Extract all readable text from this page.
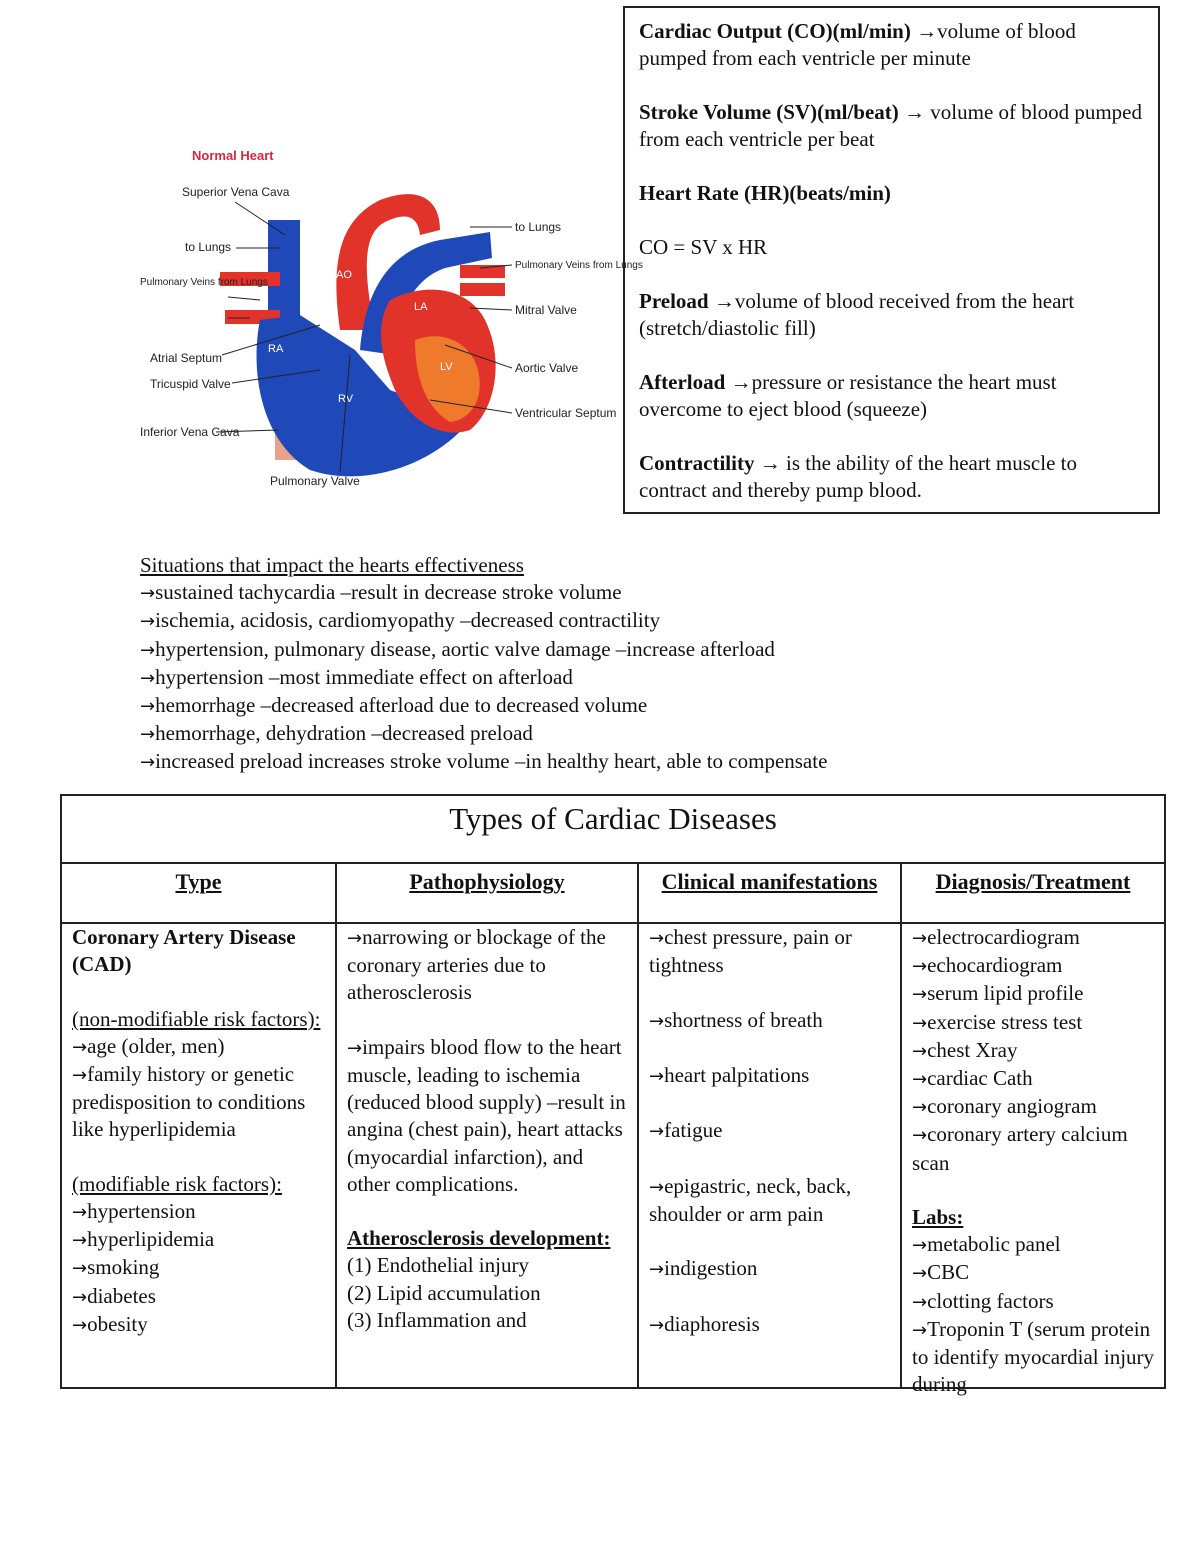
Normal Heart
AO
PA
LA
RA
LV
RV
Superior Vena Cava
to Lungs
Pulmonary Veins from Lungs
Atrial Septum
Tricuspid Valve
Inferior Vena Cava
Pulmonary Valve
to Lungs
Pulmonary Veins from Lungs
Mitral Valve
Aortic Valve
Ventricular Septum

Cardiac Output (CO)(ml/min) →volume of blood pumped from each ventricle per minute

Stroke Volume (SV)(ml/beat) → volume of blood pumped from each ventricle per beat

Heart Rate (HR)(beats/min)

CO = SV x HR

Preload →volume of blood received from the heart (stretch/diastolic fill)

Afterload →pressure or resistance the heart must overcome to eject blood (squeeze)

Contractility → is the ability of the heart muscle to contract and thereby pump blood.

Situations that impact the hearts effectiveness
→sustained tachycardia –result in decrease stroke volume
→ischemia, acidosis, cardiomyopathy –decreased contractility
→hypertension, pulmonary disease, aortic valve damage –increase afterload
→hypertension –most immediate effect on afterload
→hemorrhage –decreased afterload due to decreased volume
→hemorrhage, dehydration –decreased preload
→increased preload increases stroke volume –in healthy heart, able to compensate
Types of Cardiac Diseases
Type
Coronary Artery Disease (CAD)
(non-modifiable risk factors):
→age (older, men)
→family history or genetic predisposition to conditions like hyperlipidemia
(modifiable risk factors):
→hypertension
→hyperlipidemia
→smoking
→diabetes
→obesity
Pathophysiology
→narrowing or blockage of the coronary arteries due to atherosclerosis
→impairs blood flow to the heart muscle, leading to ischemia (reduced blood supply) –result in angina (chest pain), heart attacks (myocardial infarction), and other complications.
Atherosclerosis development:
(1) Endothelial injury
(2) Lipid accumulation
(3) Inflammation and
Clinical manifestations
→chest pressure, pain or tightness
→shortness of breath
→heart palpitations
→fatigue
→epigastric, neck, back, shoulder or arm pain
→indigestion
→diaphoresis
Diagnosis/Treatment
→electrocardiogram
→echocardiogram
→serum lipid profile
→exercise stress test
→chest Xray
→cardiac Cath
→coronary angiogram
→coronary artery calcium scan
Labs:
→metabolic panel
→CBC
→clotting factors
→Troponin T (serum protein to identify myocardial injury during
